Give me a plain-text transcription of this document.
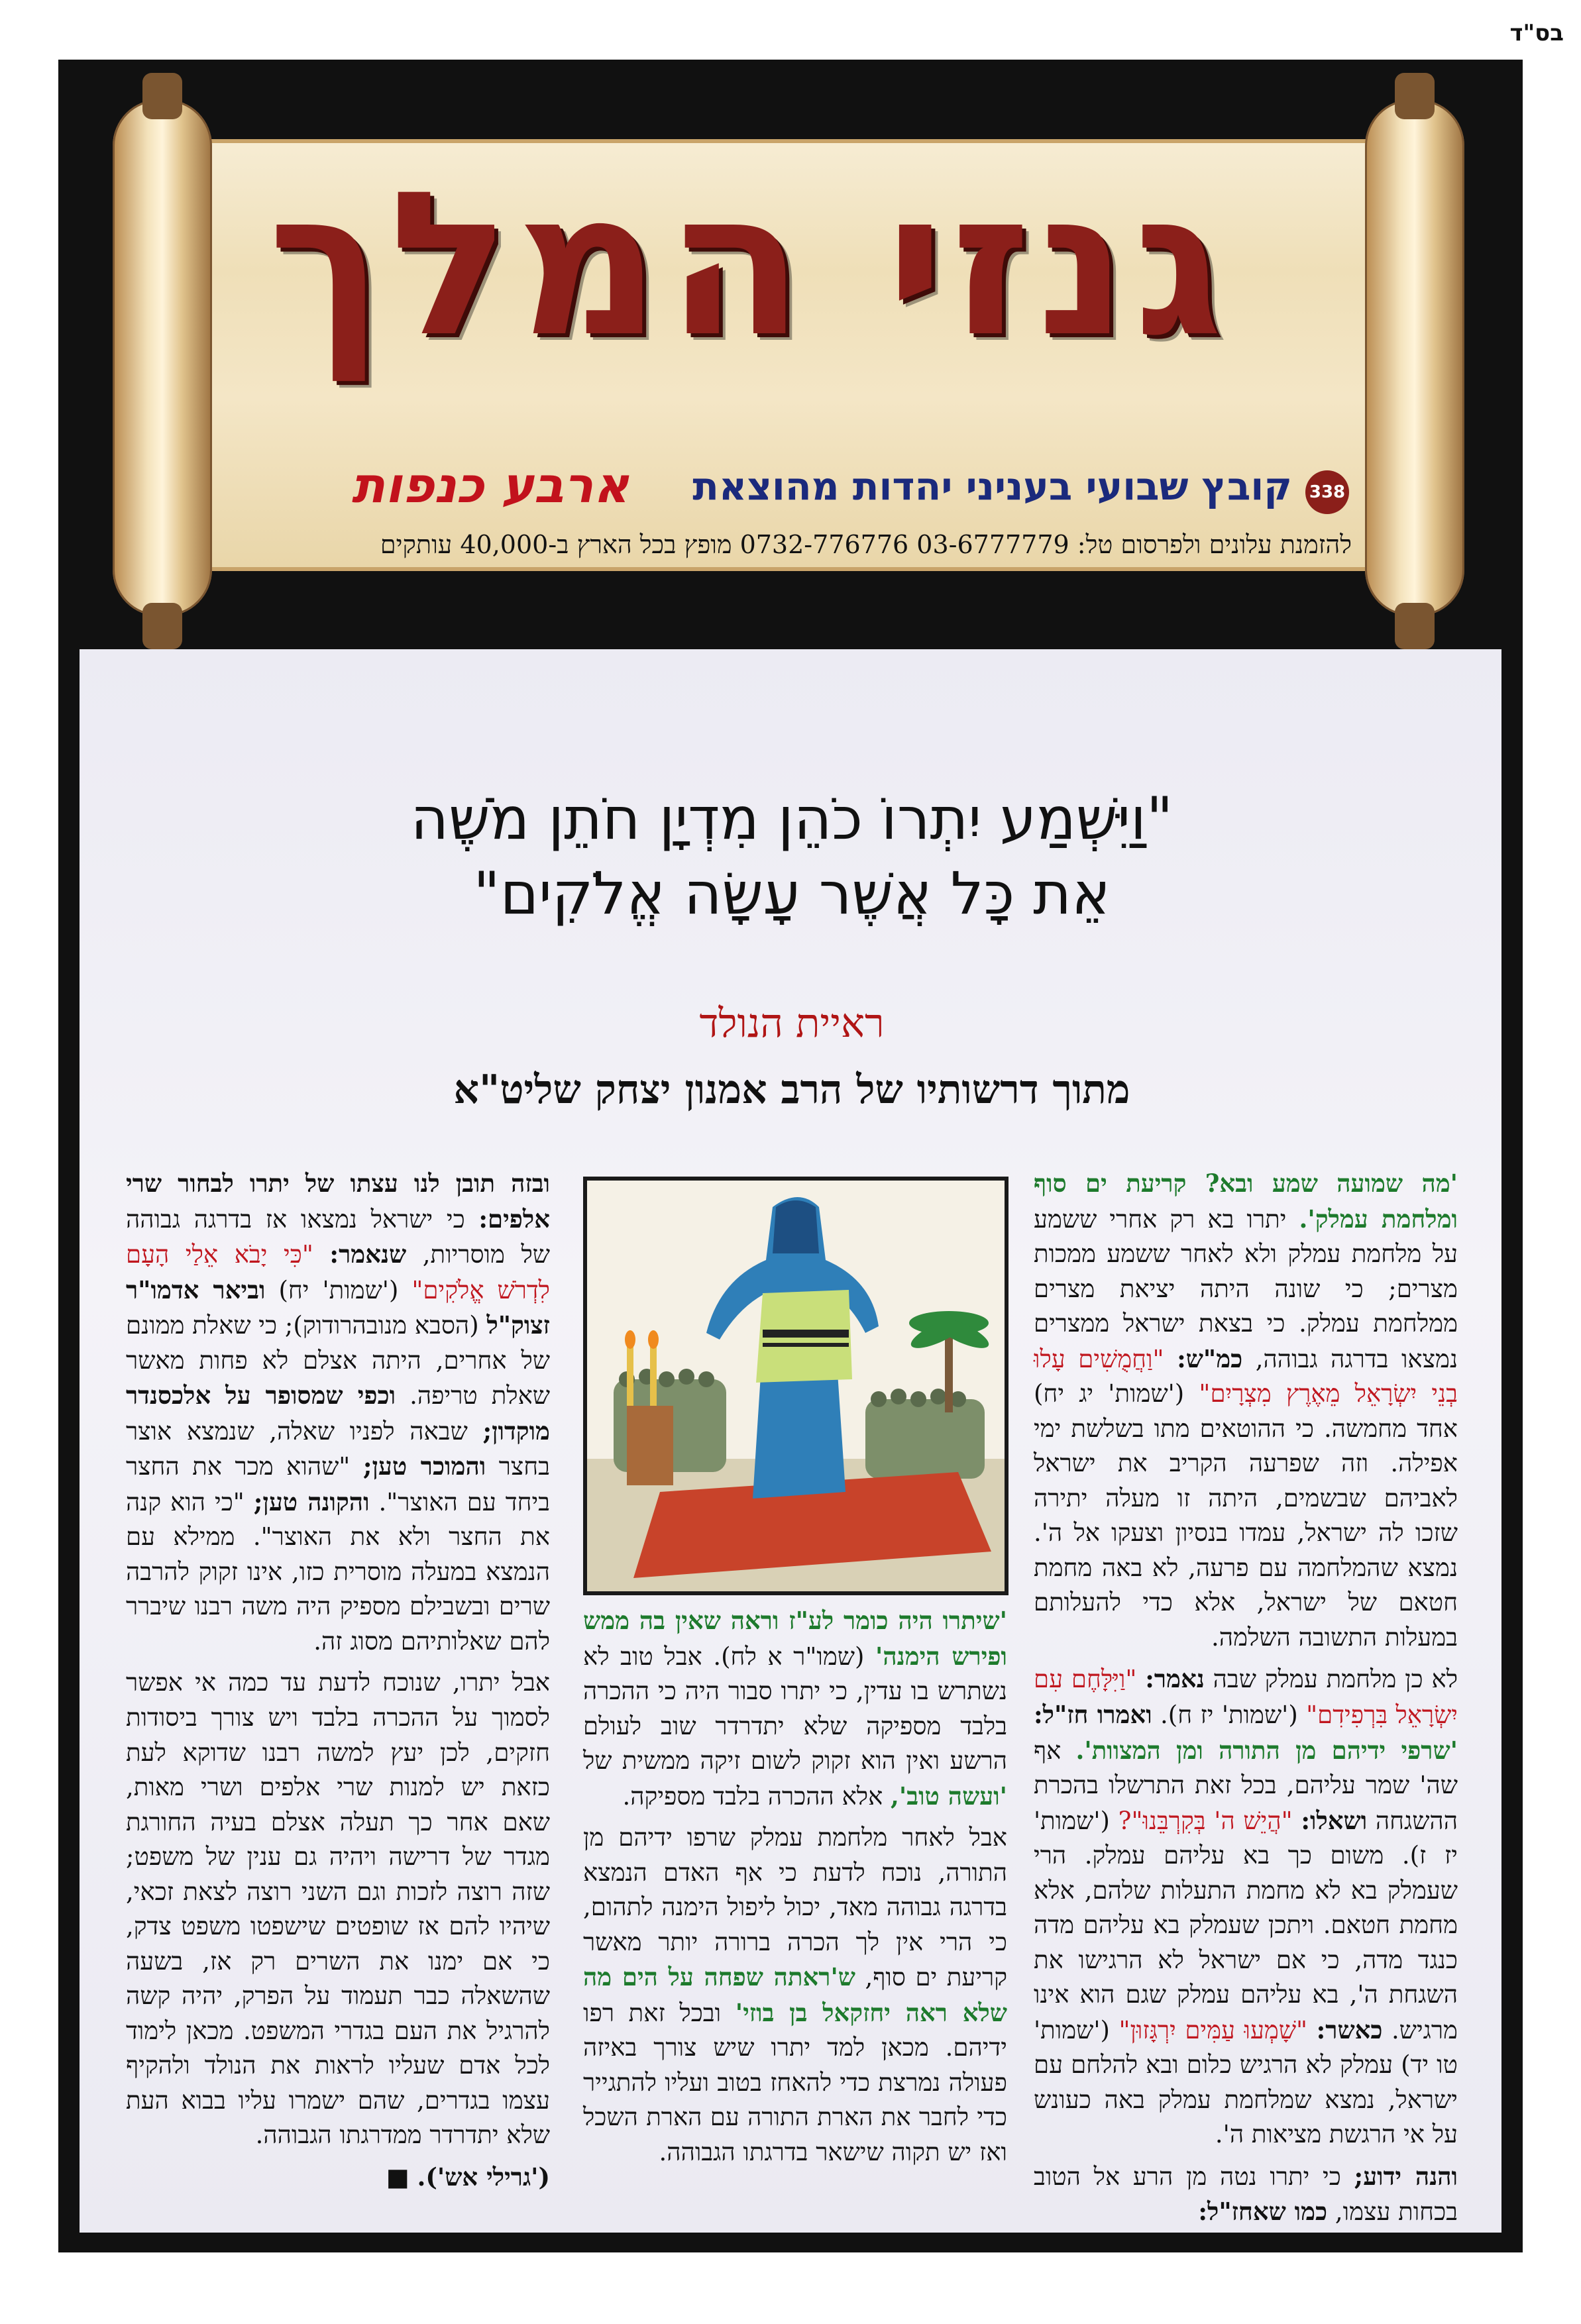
בס"ד
גנזי המלך
338
קובץ שבועי בעניני יהדות מהוצאת
ארבע כנפות
להזמנת עלונים ולפרסום טל: 03-6777779 0732-776776 מופץ בכל הארץ ב-40,000 עותקים
"וַיִּשְׁמַע יִתְרוֹ כֹהֵן מִדְיָן חֹתֵן מֹשֶׁה
אֵת כָּל אֲשֶׁר עָשָׂה אֱלֹקִים"
ראיית הנולד
מתוך דרשותיו של הרב אמנון יצחק שליט"א

'מה שמועה שמע ובא? קריעת ים סוף ומלחמת עמלק'. יתרו בא רק אחרי ששמע על מלחמת עמלק ולא לאחר ששמע ממכות מצרים; כי שונה היתה יציאת מצרים ממלחמת עמלק. כי בצאת ישראל ממצרים נמצאו בדרגה גבוהה, כמ"ש: "וַחֲמֻשִׁים עָלוּ בְנֵי יִשְׂרָאֵל מֵאֶרֶץ מִצְרָיִם" ('שמות' יג יח) אחד מחמשה. כי ההוטאים מתו בשלשת ימי אפילה. וזה שפרעה הקריב את ישראל לאביהם שבשמים, היתה זו מעלה יתירה שזכו לה ישראל, עמדו בנסיון וצעקו אל ה'. נמצא שהמלחמה עם פרעה, לא באה מחמת חטאם של ישראל, אלא כדי להעלותם במעלות התשובה השלמה.

לא כן מלחמת עמלק שבה נאמר: "וַיִּלָּחֶם עִם יִשְׂרָאֵל בִּרְפִידִם" ('שמות' יז ח). ואמרו חז"ל: 'שרפי ידיהם מן התורה ומן המצוות'. אף שה' שמר עליהם, בכל זאת התרשלו בהכרת ההשגחה ושאלו: "הֲיֵשׁ ה' בְּקִרְבֵּנוּ"? ('שמות' יז ז). משום כך בא עליהם עמלק. הרי שעמלק בא לא מחמת התעלות שלהם, אלא מחמת חטאם. ויתכן שעמלק בא עליהם מדה כנגד מדה, כי אם ישראל לא הרגישו את השגחת ה', בא עליהם עמלק שגם הוא אינו מרגיש. כאשר: "שָׁמְעוּ עַמִּים יִרְגָּזוּן" ('שמות' טו יד) עמלק לא הרגיש כלום ובא להלחם עם ישראל, נמצא שמלחמת עמלק באה כעונש על אי הרגשת מציאות ה'.

והנה ידוע; כי יתרו נטה מן הרע אל הטוב בכחות עצמו, כמו שאחז"ל:

'שיתרו היה כומר לע"ז וראה שאין בה ממש ופירש הימנה' (שמו"ר א לח). אבל טוב לא נשתרש בו עדין, כי יתרו סבור היה כי ההכרה בלבד מספיקה שלא יתדרדר שוב לעולם הרשע ואין הוא זקוק לשום זיקה ממשית של 'ועשה טוב', אלא ההכרה בלבד מספיקה.

אבל לאחר מלחמת עמלק שרפו ידיהם מן התורה, נוכח לדעת כי אף האדם הנמצא בדרגה גבוהה מאד, יכול ליפול הימנה לתהום, כי הרי אין לך הכרה ברורה יותר מאשר קריעת ים סוף, ש'ראתה שפחה על הים מה שלא ראה יחזקאל בן בוזי' ובכל זאת רפו ידיהם. מכאן למד יתרו שיש צורך באיזה פעולה נמרצת כדי להאחז בטוב ועליו להתגייר כדי לחבר את הארת התורה עם הארת השכל ואז יש תקוה שישאר בדרגתו הגבוהה.

ובזה תובן לנו עצתו של יתרו לבחור שרי אלפים: כי ישראל נמצאו אז בדרגה גבוהה של מוסריות, שנאמר: "כִּי יָבֹא אֵלַי הָעָם לִדְרֹשׁ אֱלֹקִים" ('שמות' יח) וביאר אדמו"ר זצוק"ל (הסבא מנובהרודוק); כי שאלת ממונם של אחרים, היתה אצלם לא פחות מאשר שאלת טריפה. וכפי שמסופר על אלכסנדר מוקדון; שבאה לפניו שאלה, שנמצא אוצר בחצר והמוכר טען; "שהוא מכר את החצר ביחד עם האוצר". והקונה טען; "כי הוא קנה את החצר ולא את האוצר". ממילא עם הנמצא במעלה מוסרית כזו, אינו זקוק להרבה שרים ובשבילם מספיק היה משה רבנו שיברר להם שאלותיהם מסוג זה.

אבל יתרו, שנוכח לדעת עד כמה אי אפשר לסמוך על ההכרה בלבד ויש צורך ביסודות חזקים, לכן יעץ למשה רבנו שדוקא לעת כזאת יש למנות שרי אלפים ושרי מאות, שאם אחר כך תעלה אצלם בעיה החורגת מגדר של דרישה ויהיה גם ענין של משפט; שזה רוצה לזכות וגם השני רוצה לצאת זכאי, שיהיו להם אז שופטים שישפטו משפט צדק, כי אם ימנו את השרים רק אז, בשעה שהשאלה כבר תעמוד על הפרק, יהיה קשה להרגיל את העם בגדרי המשפט. מכאן לימוד לכל אדם שעליו לראות את הנולד ולהקיף עצמו בגדרים, שהם ישמרו עליו בבוא העת שלא יתדרדר ממדרגתו הגבוהה.

('גרילי אש'). ■
